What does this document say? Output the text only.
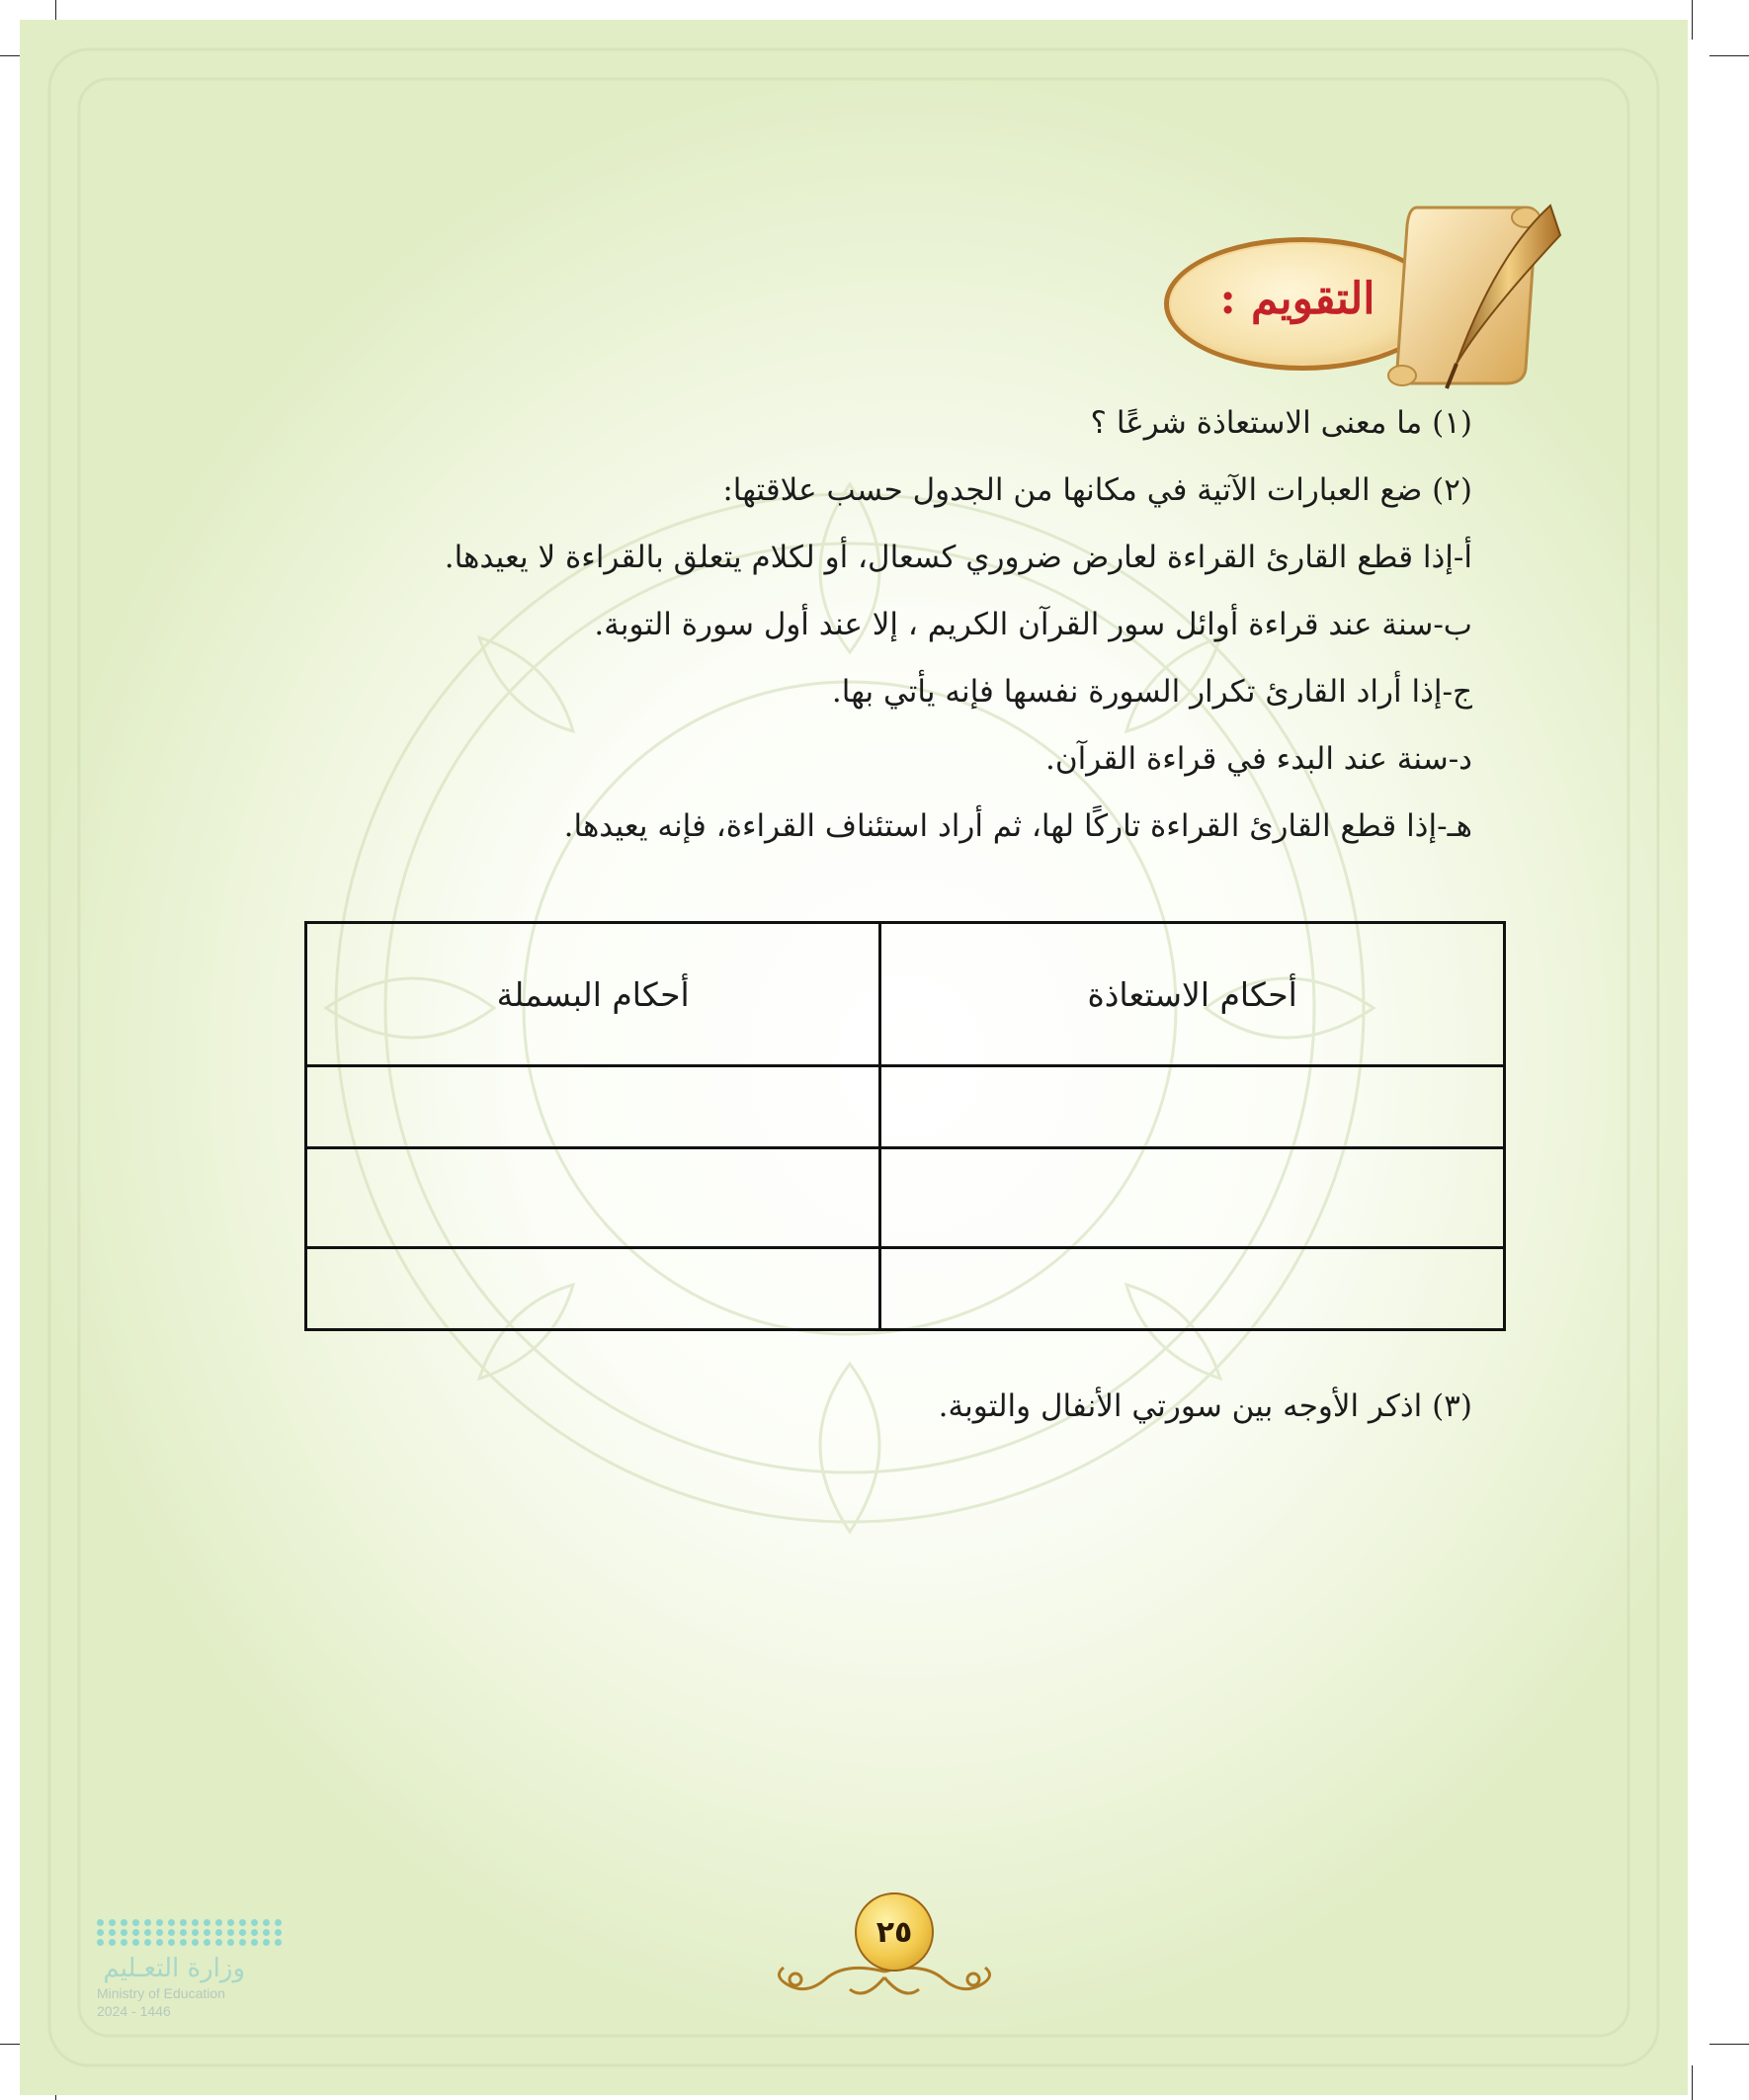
التقويم :
(١) ما معنى الاستعاذة شرعًا ؟
(٢) ضع العبارات الآتية في مكانها من الجدول حسب علاقتها:
أ-إذا قطع القارئ القراءة لعارض ضروري كسعال، أو لكلام يتعلق بالقراءة لا يعيدها.
ب-سنة عند قراءة أوائل سور القرآن الكريم ، إلا عند أول سورة التوبة.
ج-إذا أراد القارئ تكرار السورة نفسها فإنه يأتي بها.
د-سنة عند البدء في قراءة القرآن.
هـ-إذا قطع القارئ القراءة تاركًا لها، ثم أراد استئناف القراءة، فإنه يعيدها.
أحكام الاستعاذة	أحكام البسملة

(٣) اذكر الأوجه بين سورتي الأنفال والتوبة.
٢٥
وزارة التعـليم
Ministry of Education
2024 - 1446
